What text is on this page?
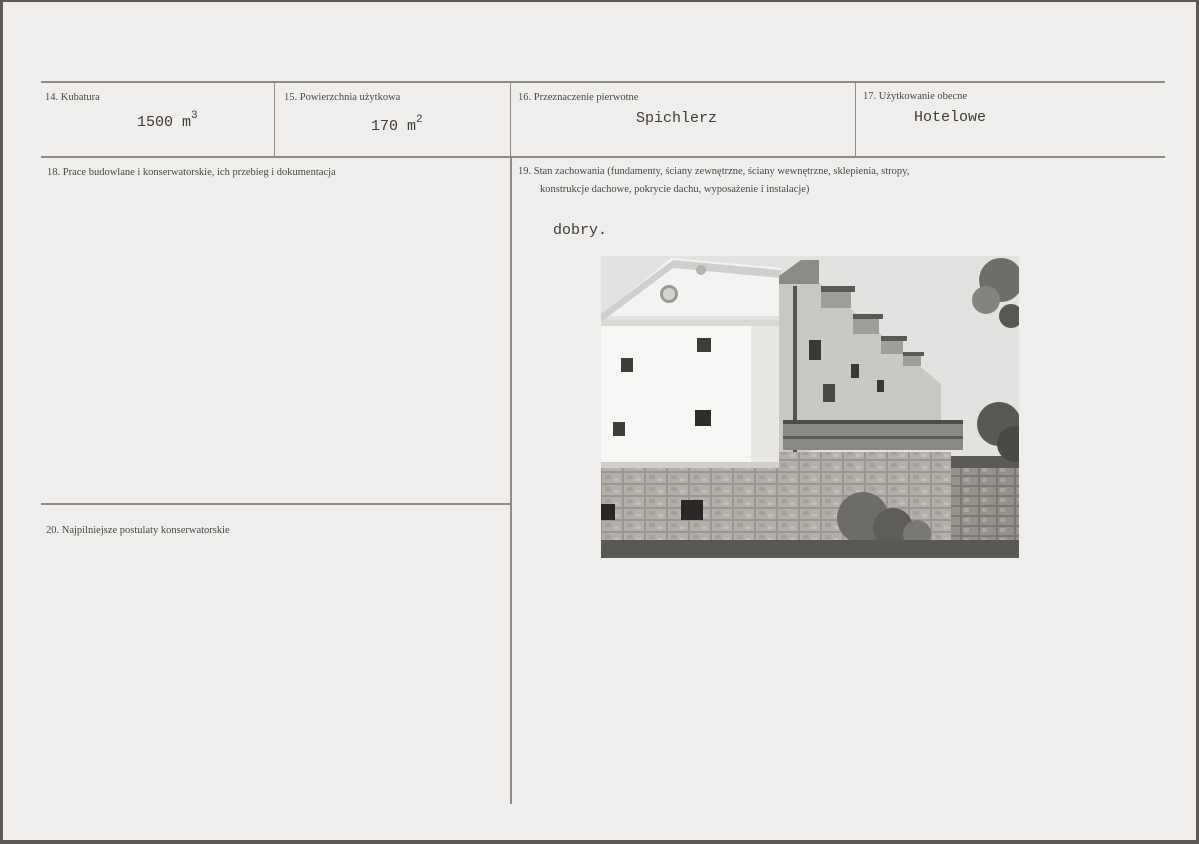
14. Kubatura
1500 $m^3$
15. Powierzchnia użytkowa
170 $m^2$
16. Przeznaczenie pierwotne
Spichlerz
17. Użytkowanie obecne
Hotelowe
18. Prace budowlane i konserwatorskie, ich przebieg i dokumentacja	19. Stan zachowania (fundamenty, ściany zewnętrzne, ściany wewnętrzne, sklepienia, stropy,
konstrukcje dachowe, pokrycie dachu, wyposażenie i instalacje)
dobry.
20. Najpilniejsze postulaty konserwatorskie
